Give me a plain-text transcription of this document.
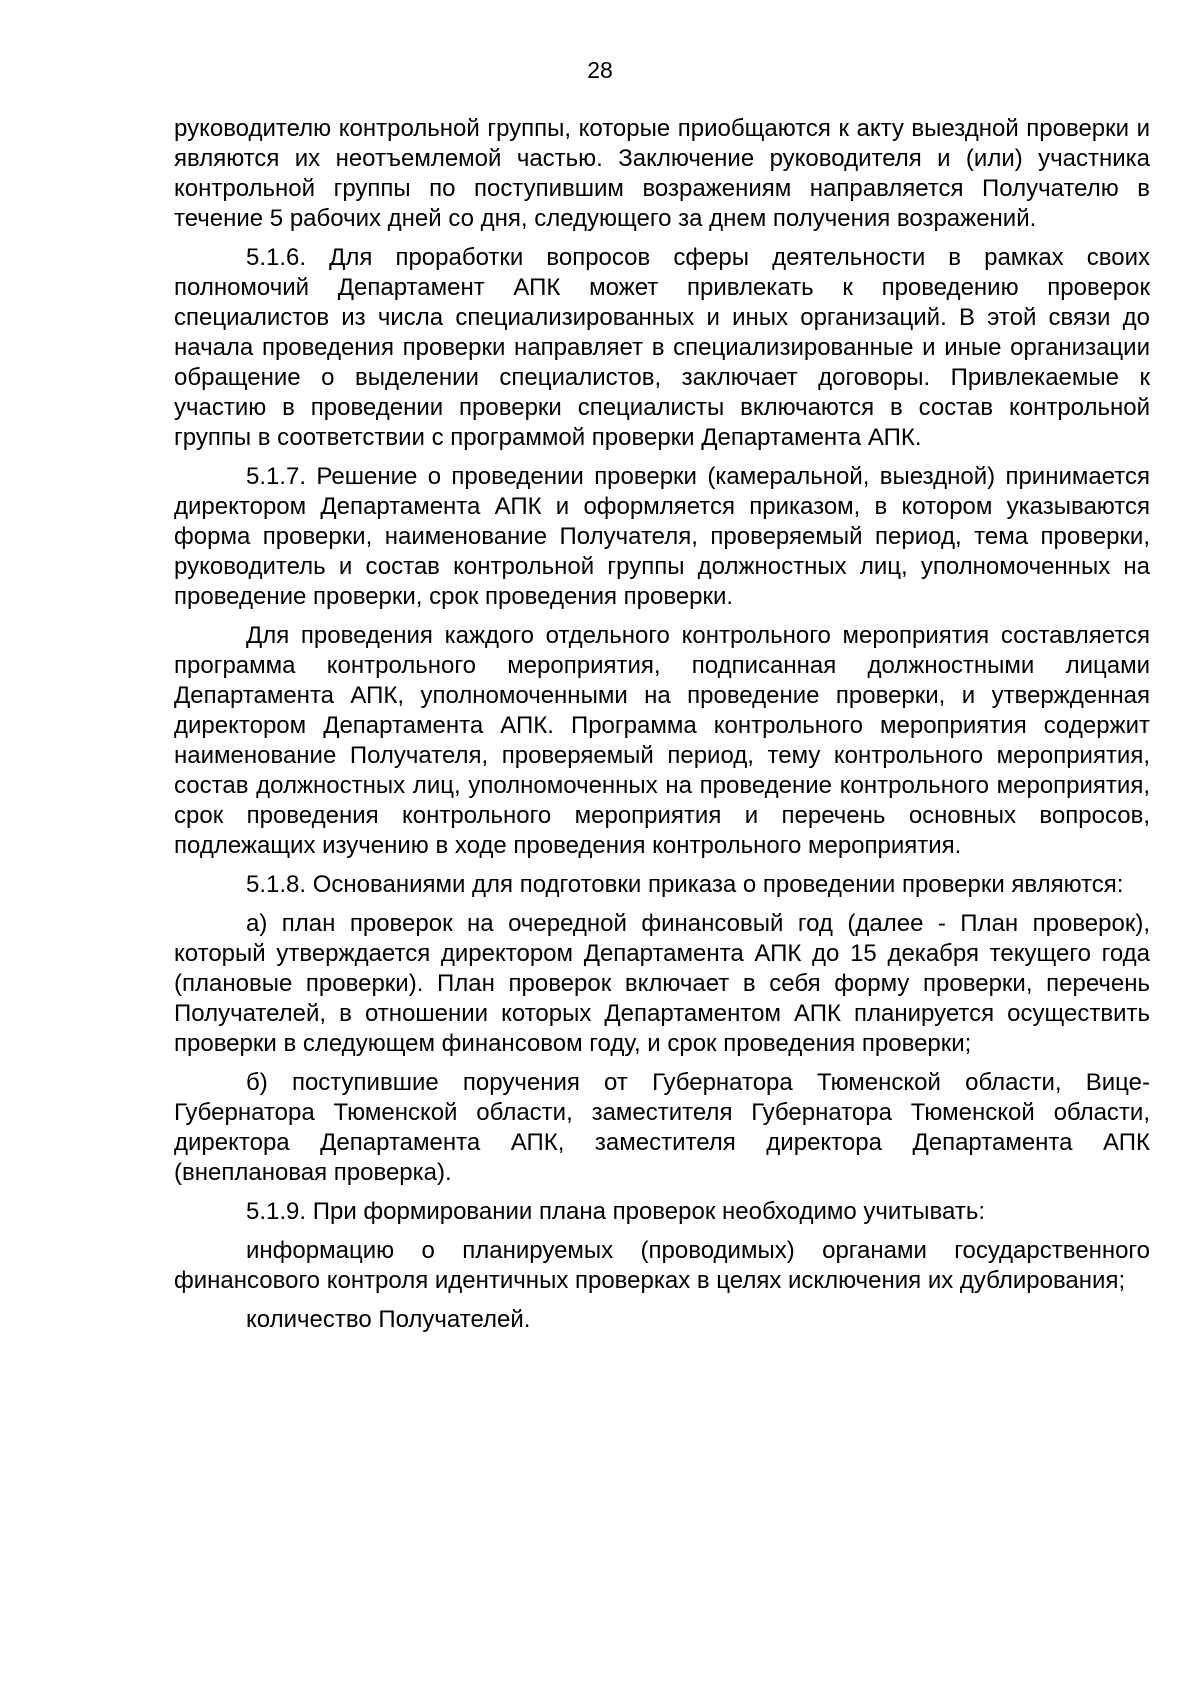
28

руководителю контрольной группы, которые приобщаются к акту выездной проверки и являются их неотъемлемой частью. Заключение руководителя и (или) участника контрольной группы по поступившим возражениям направляется Получателю в течение 5 рабочих дней со дня, следующего за днем получения возражений.

5.1.6. Для проработки вопросов сферы деятельности в рамках своих полномочий Департамент АПК может привлекать к проведению проверок специалистов из числа специализированных и иных организаций. В этой связи до начала проведения проверки направляет в специализированные и иные организации обращение о выделении специалистов, заключает договоры. Привлекаемые к участию в проведении проверки специалисты включаются в состав контрольной группы в соответствии с программой проверки Департамента АПК.

5.1.7. Решение о проведении проверки (камеральной, выездной) принимается директором Департамента АПК и оформляется приказом, в котором указываются форма проверки, наименование Получателя, проверяемый период, тема проверки, руководитель и состав контрольной группы должностных лиц, уполномоченных на проведение проверки, срок проведения проверки.

Для проведения каждого отдельного контрольного мероприятия составляется программа контрольного мероприятия, подписанная должностными лицами Департамента АПК, уполномоченными на проведение проверки, и утвержденная директором Департамента АПК. Программа контрольного мероприятия содержит наименование Получателя, проверяемый период, тему контрольного мероприятия, состав должностных лиц, уполномоченных на проведение контрольного мероприятия, срок проведения контрольного мероприятия и перечень основных вопросов, подлежащих изучению в ходе проведения контрольного мероприятия.

5.1.8. Основаниями для подготовки приказа о проведении проверки являются:

а) план проверок на очередной финансовый год (далее - План проверок), который утверждается директором Департамента АПК до 15 декабря текущего года (плановые проверки). План проверок включает в себя форму проверки, перечень Получателей, в отношении которых Департаментом АПК планируется осуществить проверки в следующем финансовом году, и срок проведения проверки;

б) поступившие поручения от Губернатора Тюменской области, Вице-Губернатора Тюменской области, заместителя Губернатора Тюменской области, директора Департамента АПК, заместителя директора Департамента АПК (внеплановая проверка).

5.1.9. При формировании плана проверок необходимо учитывать:

информацию о планируемых (проводимых) органами государственного финансового контроля идентичных проверках в целях исключения их дублирования;

количество Получателей.
